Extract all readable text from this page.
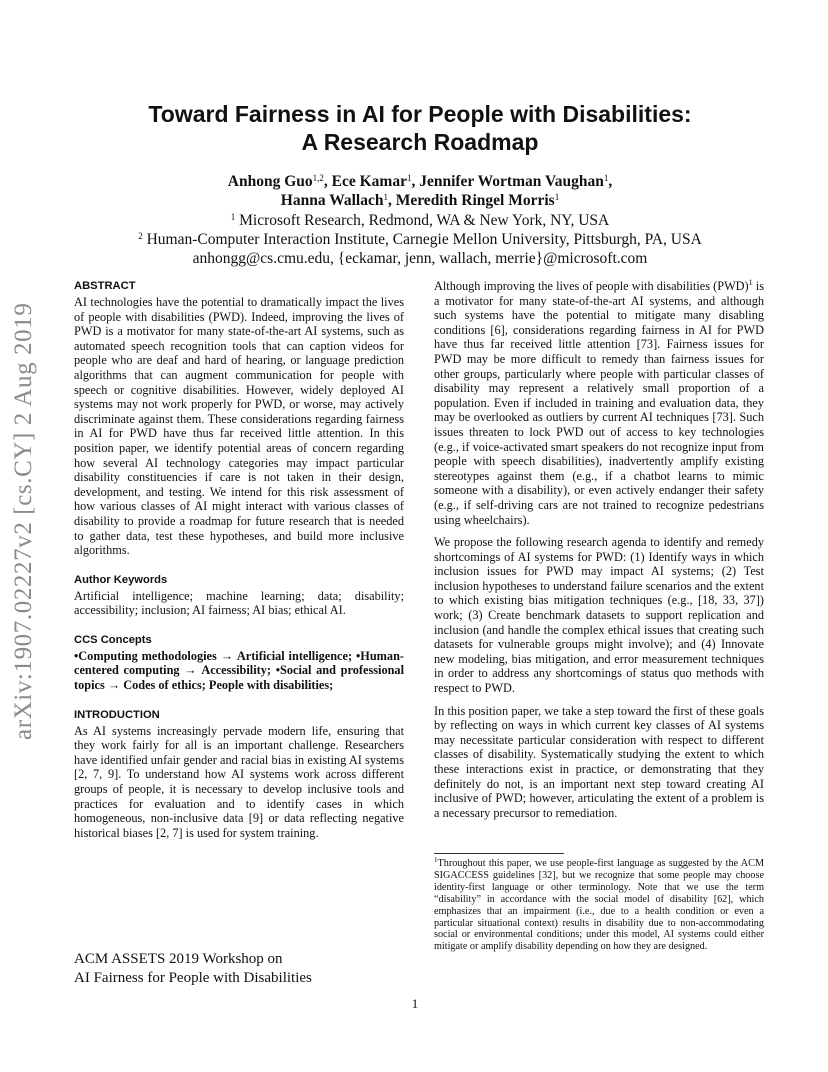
arXiv:1907.02227v2 [cs.CY] 2 Aug 2019
Toward Fairness in AI for People with Disabilities:
A Research Roadmap
Anhong Guo$^{1,2}$, Ece Kamar$^1$, Jennifer Wortman Vaughan$^1$,
Hanna Wallach$^1$, Meredith Ringel Morris$^1$
$^1$ Microsoft Research, Redmond, WA & New York, NY, USA
$^2$ Human-Computer Interaction Institute, Carnegie Mellon University, Pittsburgh, PA, USA
anhongg@cs.cmu.edu, {eckamar, jenn, wallach, merrie}@microsoft.com
ABSTRACT

AI technologies have the potential to dramatically impact the lives of people with disabilities (PWD). Indeed, improving the lives of PWD is a motivator for many state-of-the-art AI systems, such as automated speech recognition tools that can caption videos for people who are deaf and hard of hearing, or language prediction algorithms that can augment communication for people with speech or cognitive disabilities. However, widely deployed AI systems may not work properly for PWD, or worse, may actively discriminate against them. These considerations regarding fairness in AI for PWD have thus far received little attention. In this position paper, we identify potential areas of concern regarding how several AI technology categories may impact particular disability constituencies if care is not taken in their design, development, and testing. We intend for this risk assessment of how various classes of AI might interact with various classes of disability to provide a roadmap for future research that is needed to gather data, test these hypotheses, and build more inclusive algorithms.

Author Keywords

Artificial intelligence; machine learning; data; disability; accessibility; inclusion; AI fairness; AI bias; ethical AI.

CCS Concepts

•Computing methodologies → Artificial intelligence; •Human-centered computing → Accessibility; •Social and professional topics → Codes of ethics; People with disabilities;

INTRODUCTION

As AI systems increasingly pervade modern life, ensuring that they work fairly for all is an important challenge. Researchers have identified unfair gender and racial bias in existing AI systems [2, 7, 9]. To understand how AI systems work across different groups of people, it is necessary to develop inclusive tools and practices for evaluation and to identify cases in which homogeneous, non-inclusive data [9] or data reflecting negative historical biases [2, 7] is used for system training.

Although improving the lives of people with disabilities (PWD)$^1$ is a motivator for many state-of-the-art AI systems, and although such systems have the potential to mitigate many disabling conditions [6], considerations regarding fairness in AI for PWD have thus far received little attention [73]. Fairness issues for PWD may be more difficult to remedy than fairness issues for other groups, particularly where people with particular classes of disability may represent a relatively small proportion of a population. Even if included in training and evaluation data, they may be overlooked as outliers by current AI techniques [73]. Such issues threaten to lock PWD out of access to key technologies (e.g., if voice-activated smart speakers do not recognize input from people with speech disabilities), inadvertently amplify existing stereotypes against them (e.g., if a chatbot learns to mimic someone with a disability), or even actively endanger their safety (e.g., if self-driving cars are not trained to recognize pedestrians using wheelchairs).

We propose the following research agenda to identify and remedy shortcomings of AI systems for PWD: (1) Identify ways in which inclusion issues for PWD may impact AI systems; (2) Test inclusion hypotheses to understand failure scenarios and the extent to which existing bias mitigation techniques (e.g., [18, 33, 37]) work; (3) Create benchmark datasets to support replication and inclusion (and handle the complex ethical issues that creating such datasets for vulnerable groups might involve); and (4) Innovate new modeling, bias mitigation, and error measurement techniques in order to address any shortcomings of status quo methods with respect to PWD.

In this position paper, we take a step toward the first of these goals by reflecting on ways in which current key classes of AI systems may necessitate particular consideration with respect to different classes of disability. Systematically studying the extent to which these interactions exist in practice, or demonstrating that they definitely do not, is an important next step toward creating AI inclusive of PWD; however, articulating the extent of a problem is a necessary precursor to remediation.

$^1$Throughout this paper, we use people-first language as suggested by the ACM SIGACCESS guidelines [32], but we recognize that some people may choose identity-first language or other terminology. Note that we use the term “disability” in accordance with the social model of disability [62], which emphasizes that an impairment (i.e., due to a health condition or even a particular situational context) results in disability due to non-accommodating social or environmental conditions; under this model, AI systems could either mitigate or amplify disability depending on how they are designed.
ACM ASSETS 2019 Workshop on
AI Fairness for People with Disabilities
1
